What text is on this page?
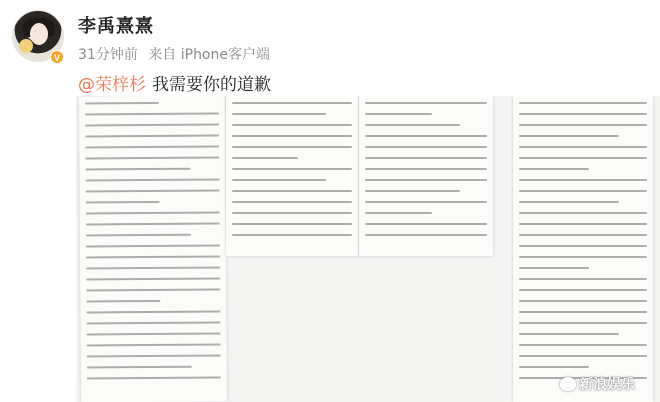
V
李禹熹熹
31分钟前 来自 iPhone客户端
@荣梓杉 我需要你的道歉
新浪娱乐
